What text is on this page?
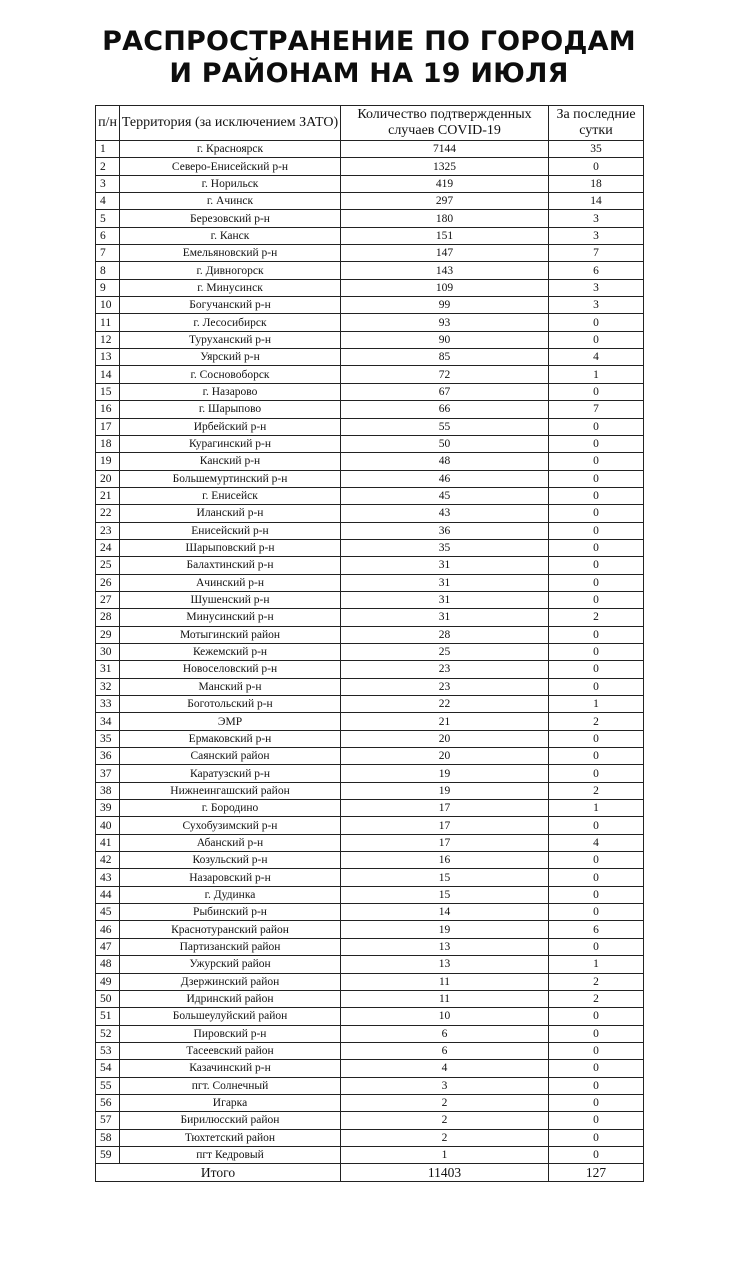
РАСПРОСТРАНЕНИЕ ПО ГОРОДАМ
И РАЙОНАМ НА 19 ИЮЛЯ
п/н	Территория (за исключением ЗАТО)	Количество подтвержденных случаев COVID-19	За последние сутки
1	г. Красноярск	7144	35
2	Северо-Енисейский р-н	1325	0
3	г. Норильск	419	18
4	г. Ачинск	297	14
5	Березовский р-н	180	3
6	г. Канск	151	3
7	Емельяновский р-н	147	7
8	г. Дивногорск	143	6
9	г. Минусинск	109	3
10	Богучанский р-н	99	3
11	г. Лесосибирск	93	0
12	Туруханский р-н	90	0
13	Уярский р-н	85	4
14	г. Сосновоборск	72	1
15	г. Назарово	67	0
16	г. Шарыпово	66	7
17	Ирбейский р-н	55	0
18	Курагинский р-н	50	0
19	Канский р-н	48	0
20	Большемуртинский р-н	46	0
21	г. Енисейск	45	0
22	Иланский р-н	43	0
23	Енисейский р-н	36	0
24	Шарыповский р-н	35	0
25	Балахтинский р-н	31	0
26	Ачинский р-н	31	0
27	Шушенский р-н	31	0
28	Минусинский р-н	31	2
29	Мотыгинский район	28	0
30	Кежемский р-н	25	0
31	Новоселовский р-н	23	0
32	Манский р-н	23	0
33	Боготольский р-н	22	1
34	ЭМР	21	2
35	Ермаковский р-н	20	0
36	Саянский район	20	0
37	Каратузский р-н	19	0
38	Нижнеингашский район	19	2
39	г. Бородино	17	1
40	Сухобузимский р-н	17	0
41	Абанский р-н	17	4
42	Козульский р-н	16	0
43	Назаровский р-н	15	0
44	г. Дудинка	15	0
45	Рыбинский р-н	14	0
46	Краснотуранский район	19	6
47	Партизанский район	13	0
48	Ужурский район	13	1
49	Дзержинский район	11	2
50	Идринский район	11	2
51	Большеулуйский район	10	0
52	Пировский р-н	6	0
53	Тасеевский район	6	0
54	Казачинский р-н	4	0
55	пгт. Солнечный	3	0
56	Игарка	2	0
57	Бирилюсский район	2	0
58	Тюхтетский район	2	0
59	пгт Кедровый	1	0
Итого		11403	127
